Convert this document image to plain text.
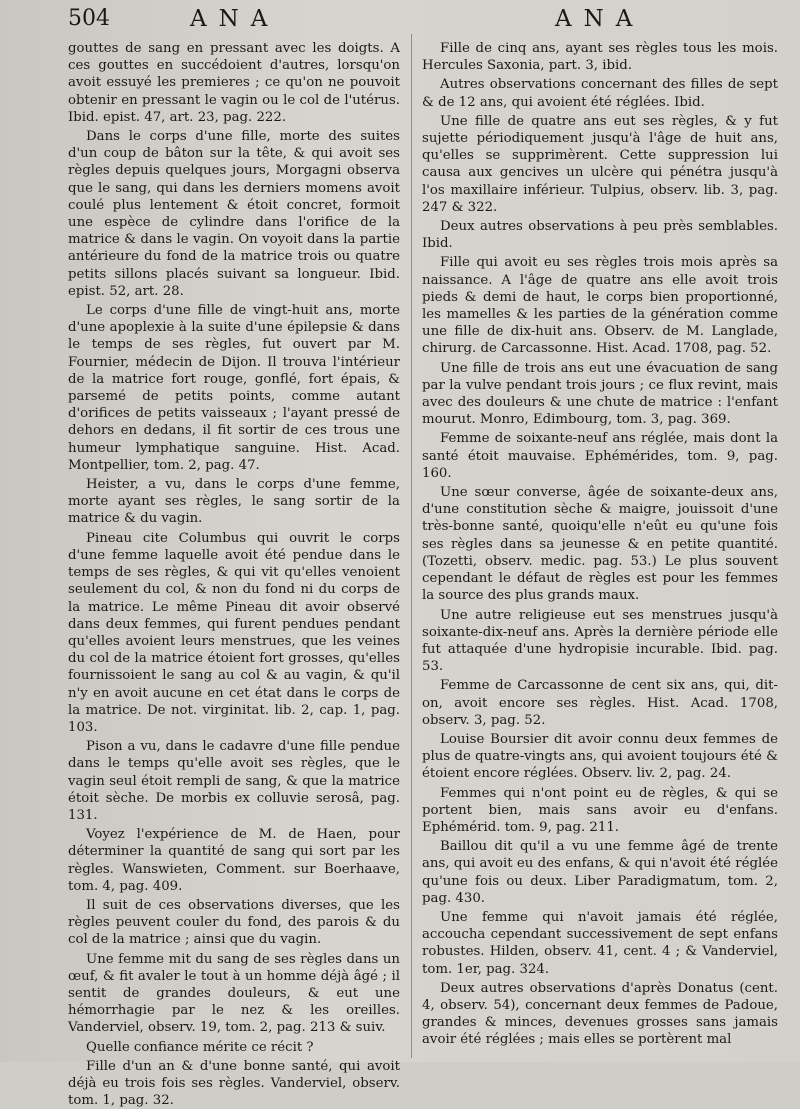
504	ANA	ANA

gouttes de sang en pressant avec les doigts. A ces gouttes en succédoient d'autres, lorsqu'on avoit essuyé les premieres ; ce qu'on ne pouvoit obtenir en pressant le vagin ou le col de l'utérus. Ibid. epist. 47, art. 23, pag. 222.

Dans le corps d'une fille, morte des suites d'un coup de bâton sur la tête, & qui avoit ses règles depuis quelques jours, Morgagni observa que le sang, qui dans les derniers momens avoit coulé plus lentement & étoit concret, formoit une espèce de cylindre dans l'orifice de la matrice & dans le vagin. On voyoit dans la partie antérieure du fond de la matrice trois ou quatre petits sillons placés suivant sa longueur. Ibid. epist. 52, art. 28.

Le corps d'une fille de vingt-huit ans, morte d'une apoplexie à la suite d'une épilepsie & dans le temps de ses règles, fut ouvert par M. Fournier, médecin de Dijon. Il trouva l'intérieur de la matrice fort rouge, gonflé, fort épais, & parsemé de petits points, comme autant d'orifices de petits vaisseaux ; l'ayant pressé de dehors en dedans, il fit sortir de ces trous une humeur lymphatique sanguine. Hist. Acad. Montpellier, tom. 2, pag. 47.

Heister, a vu, dans le corps d'une femme, morte ayant ses règles, le sang sortir de la matrice & du vagin.

Pineau cite Columbus qui ouvrit le corps d'une femme laquelle avoit été pendue dans le temps de ses règles, & qui vit qu'elles venoient seulement du col, & non du fond ni du corps de la matrice. Le même Pineau dit avoir observé dans deux femmes, qui furent pendues pendant qu'elles avoient leurs menstrues, que les veines du col de la matrice étoient fort grosses, qu'elles fournissoient le sang au col & au vagin, & qu'il n'y en avoit aucune en cet état dans le corps de la matrice. De not. virginitat. lib. 2, cap. 1, pag. 103.

Pison a vu, dans le cadavre d'une fille pendue dans le temps qu'elle avoit ses règles, que le vagin seul étoit rempli de sang, & que la matrice étoit sèche. De morbis ex colluvie serosâ, pag. 131.

Voyez l'expérience de M. de Haen, pour déterminer la quantité de sang qui sort par les règles. Wanswieten, Comment. sur Boerhaave, tom. 4, pag. 409.

Il suit de ces observations diverses, que les règles peuvent couler du fond, des parois & du col de la matrice ; ainsi que du vagin.

Une femme mit du sang de ses règles dans un œuf, & fit avaler le tout à un homme déjà âgé ; il sentit de grandes douleurs, & eut une hémorrhagie par le nez & les oreilles. Vanderviel, observ. 19, tom. 2, pag. 213 & suiv.

Quelle confiance mérite ce récit ?

Fille d'un an & d'une bonne santé, qui avoit déjà eu trois fois ses règles. Vanderviel, observ. tom. 1, pag. 32.

Fille de cinq ans, ayant ses règles tous les mois. Hercules Saxonia, part. 3, ibid.

Autres observations concernant des filles de sept & de 12 ans, qui avoient été réglées. Ibid.

Une fille de quatre ans eut ses règles, & y fut sujette périodiquement jusqu'à l'âge de huit ans, qu'elles se supprimèrent. Cette suppression lui causa aux gencives un ulcère qui pénétra jusqu'à l'os maxillaire inférieur. Tulpius, observ. lib. 3, pag. 247 & 322.

Deux autres observations à peu près semblables. Ibid.

Fille qui avoit eu ses règles trois mois après sa naissance. A l'âge de quatre ans elle avoit trois pieds & demi de haut, le corps bien proportionné, les mamelles & les parties de la génération comme une fille de dix-huit ans. Observ. de M. Langlade, chirurg. de Carcassonne. Hist. Acad. 1708, pag. 52.

Une fille de trois ans eut une évacuation de sang par la vulve pendant trois jours ; ce flux revint, mais avec des douleurs & une chute de matrice : l'enfant mourut. Monro, Edimbourg, tom. 3, pag. 369.

Femme de soixante-neuf ans réglée, mais dont la santé étoit mauvaise. Ephémérides, tom. 9, pag. 160.

Une sœur converse, âgée de soixante-deux ans, d'une constitution sèche & maigre, jouissoit d'une très-bonne santé, quoiqu'elle n'eût eu qu'une fois ses règles dans sa jeunesse & en petite quantité. (Tozetti, observ. medic. pag. 53.) Le plus souvent cependant le défaut de règles est pour les femmes la source des plus grands maux.

Une autre religieuse eut ses menstrues jusqu'à soixante-dix-neuf ans. Après la dernière période elle fut attaquée d'une hydropisie incurable. Ibid. pag. 53.

Femme de Carcassonne de cent six ans, qui, dit-on, avoit encore ses règles. Hist. Acad. 1708, observ. 3, pag. 52.

Louise Boursier dit avoir connu deux femmes de plus de quatre-vingts ans, qui avoient toujours été & étoient encore réglées. Observ. liv. 2, pag. 24.

Femmes qui n'ont point eu de règles, & qui se portent bien, mais sans avoir eu d'enfans. Ephémérid. tom. 9, pag. 211.

Baillou dit qu'il a vu une femme âgé de trente ans, qui avoit eu des enfans, & qui n'avoit été réglée qu'une fois ou deux. Liber Paradigmatum, tom. 2, pag. 430.

Une femme qui n'avoit jamais été réglée, accoucha cependant successivement de sept enfans robustes. Hilden, observ. 41, cent. 4 ; & Vanderviel, tom. 1er, pag. 324.

Deux autres observations d'après Donatus (cent. 4, observ. 54), concernant deux femmes de Padoue, grandes & minces, devenues grosses sans jamais avoir été réglées ; mais elles se portèrent mal
